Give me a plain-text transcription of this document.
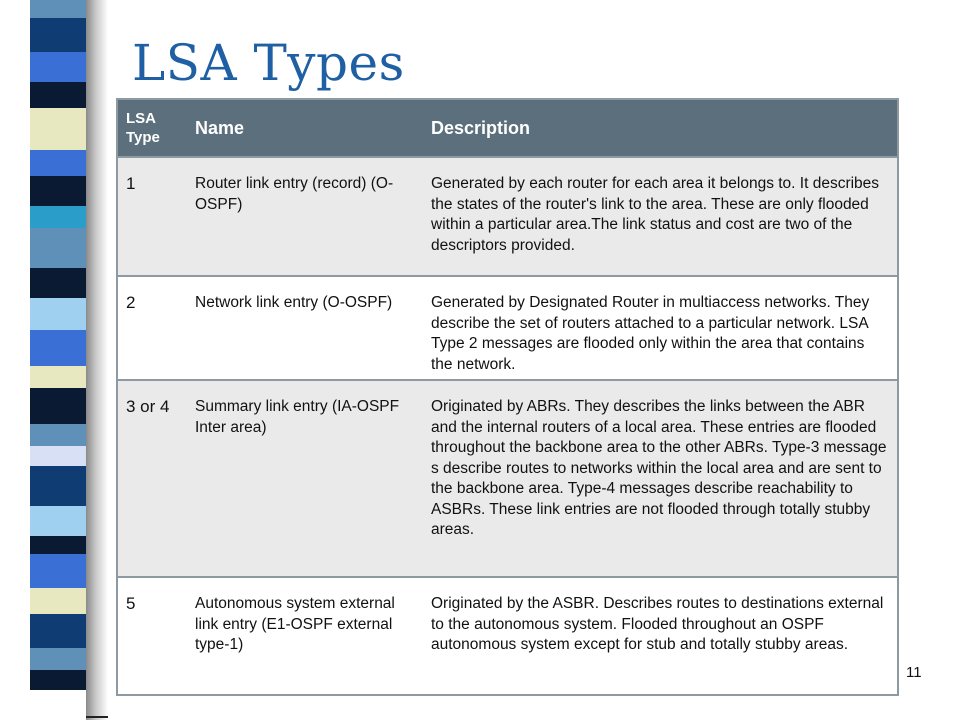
LSA Types
LSA Type	Name	Description
1	Router link entry (record) (O-OSPF)	Generated by each router for each area it belongs to. It describes the states of the router's link to the area. These are only flooded within a particular area.The link status and cost are two of the descriptors provided.
2	Network link entry (O-OSPF)	Generated by Designated Router in multiaccess networks. They describe the set of routers attached to a particular network. LSA Type 2 messages are flooded only within the area that contains the network.
3 or 4	Summary link entry (IA-OSPF Inter area)	Originated by ABRs. They describes the links between the ABR and the internal routers of a local area. These entries are flooded throughout the backbone area to the other ABRs. Type-3 message s describe routes to networks within the local area and are sent to the backbone area. Type-4 messages describe reachability to ASBRs. These link entries are not flooded through totally stubby areas.
5	Autonomous system external link entry (E1-OSPF external type-1)	Originated by the ASBR. Describes routes to destinations external to the autonomous system. Flooded throughout an OSPF autonomous system except for stub and totally stubby areas.
11
